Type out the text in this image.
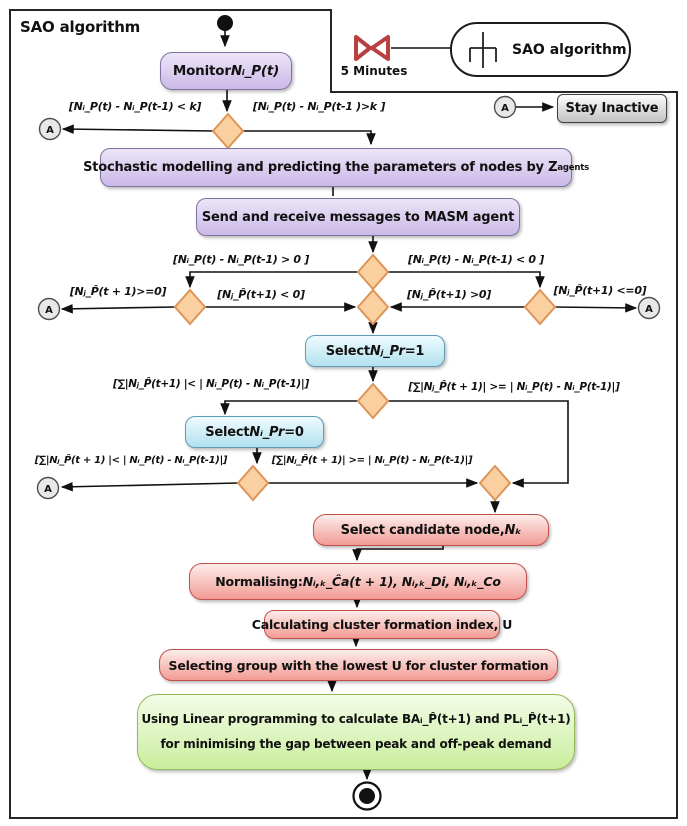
A
A	A
A
A
SAO algorithm
5 Minutes
SAO algorithm
Stay Inactive
Monitor Nᵢ_P(t)
Stochastic modelling and predicting the parameters of nodes by Z agents
Send and receive messages to MASM agent
Select Nⱼ_Pr =1
Select Nᵢ_Pr =0
Select candidate node, Nₖ
Normalising: Nᵢ,ₖ_Ĉa(t + 1), Nᵢ,ₖ_Di, Nᵢ,ₖ_Co
Calculating cluster formation index, U
Selecting group with the lowest U for cluster formation
Using Linear programming to calculate BAᵢ_P̂(t+1) and PLᵢ_P̂(t+1)
for minimising the gap between peak and off-peak demand
[Nᵢ_P(t) - Nᵢ_P(t-1) < k]	[Nᵢ_P(t) - Nᵢ_P(t-1 )>k ]
[Nᵢ_P(t) - Nᵢ_P(t-1) > 0 ]	[Nᵢ_P(t) - Nᵢ_P(t-1) < 0 ]
[Nⱼ_P̂(t + 1)>=0]	[Nⱼ_P̂(t+1) < 0]	[Nⱼ_P̂(t+1) >0]	[Nⱼ_P̂(t+1) <=0]
[∑|Nⱼ_P̂(t+1) |< | Nᵢ_P(t) - Nᵢ_P(t-1)|]	[∑|Nⱼ_P̂(t + 1)| >= | Nᵢ_P(t) - Nᵢ_P(t-1)|]
[∑|Nⱼ_P̂(t + 1) |< | Nᵢ_P(t) - Nᵢ_P(t-1)|]	[∑|Nⱼ_P̂(t + 1)| >= | Nᵢ_P(t) - Nᵢ_P(t-1)|]
